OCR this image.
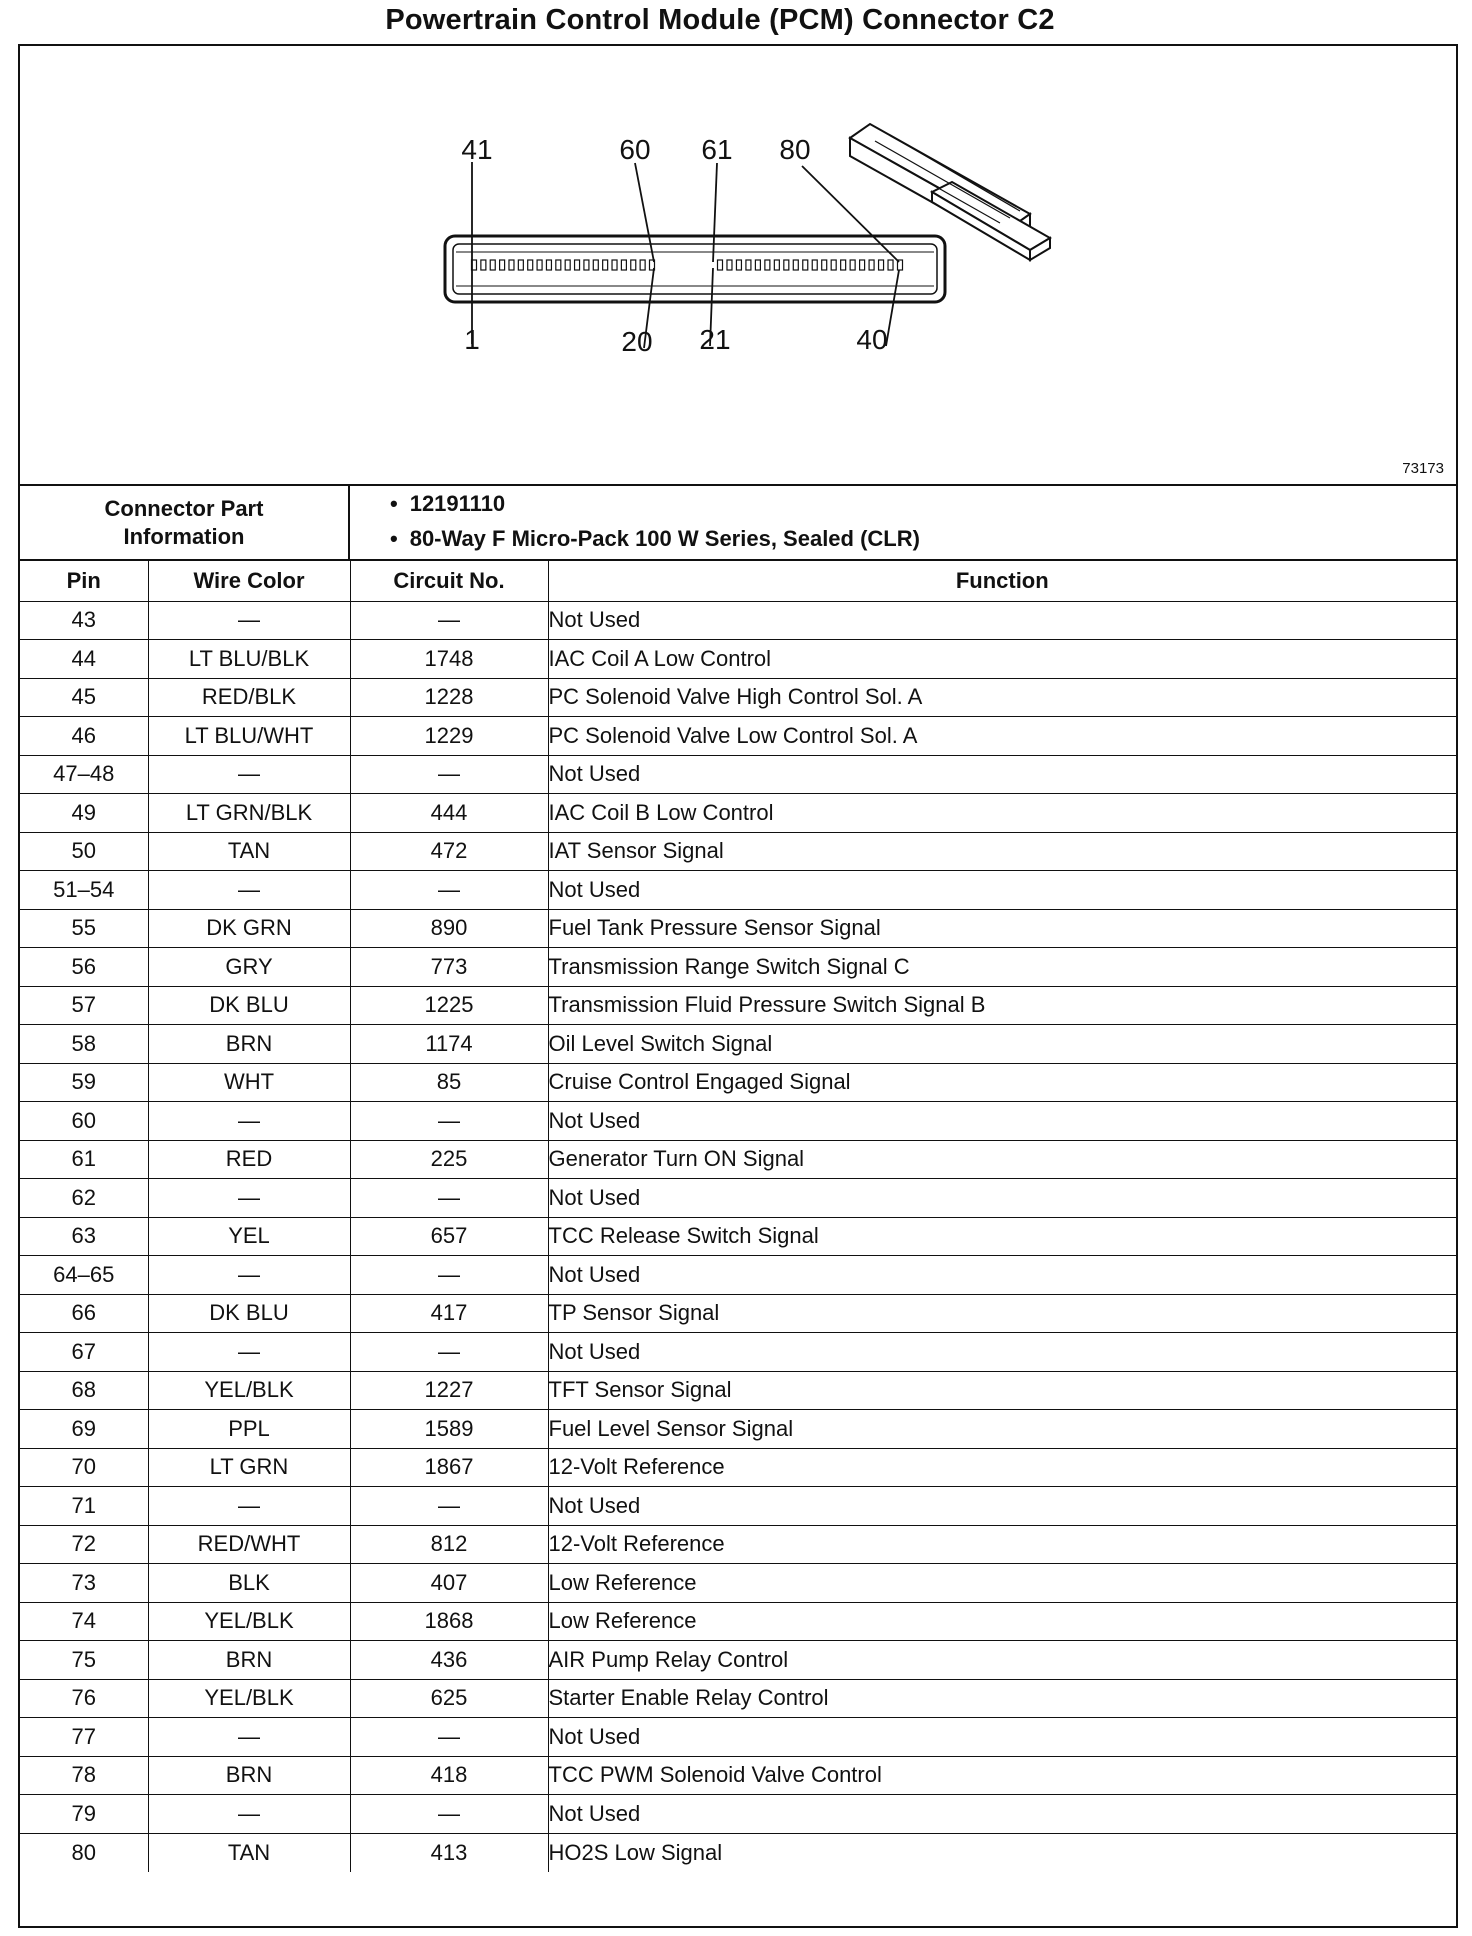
Powertrain Control Module (PCM) Connector C2
41	60 61 80
1	20 21	40
73173
Connector Part Information
• 12191110
• 80-Way F Micro-Pack 100 W Series, Sealed (CLR)
Pin	Wire Color	Circuit No.	Function
43	—	—	Not Used
44	LT BLU/BLK	1748	IAC Coil A Low Control
45	RED/BLK	1228	PC Solenoid Valve High Control Sol. A
46	LT BLU/WHT	1229	PC Solenoid Valve Low Control Sol. A
47–48	—	—	Not Used
49	LT GRN/BLK	444	IAC Coil B Low Control
50	TAN	472	IAT Sensor Signal
51–54	—	—	Not Used
55	DK GRN	890	Fuel Tank Pressure Sensor Signal
56	GRY	773	Transmission Range Switch Signal C
57	DK BLU	1225	Transmission Fluid Pressure Switch Signal B
58	BRN	1174	Oil Level Switch Signal
59	WHT	85	Cruise Control Engaged Signal
60	—	—	Not Used
61	RED	225	Generator Turn ON Signal
62	—	—	Not Used
63	YEL	657	TCC Release Switch Signal
64–65	—	—	Not Used
66	DK BLU	417	TP Sensor Signal
67	—	—	Not Used
68	YEL/BLK	1227	TFT Sensor Signal
69	PPL	1589	Fuel Level Sensor Signal
70	LT GRN	1867	12-Volt Reference
71	—	—	Not Used
72	RED/WHT	812	12-Volt Reference
73	BLK	407	Low Reference
74	YEL/BLK	1868	Low Reference
75	BRN	436	AIR Pump Relay Control
76	YEL/BLK	625	Starter Enable Relay Control
77	—	—	Not Used
78	BRN	418	TCC PWM Solenoid Valve Control
79	—	—	Not Used
80	TAN	413	HO2S Low Signal
